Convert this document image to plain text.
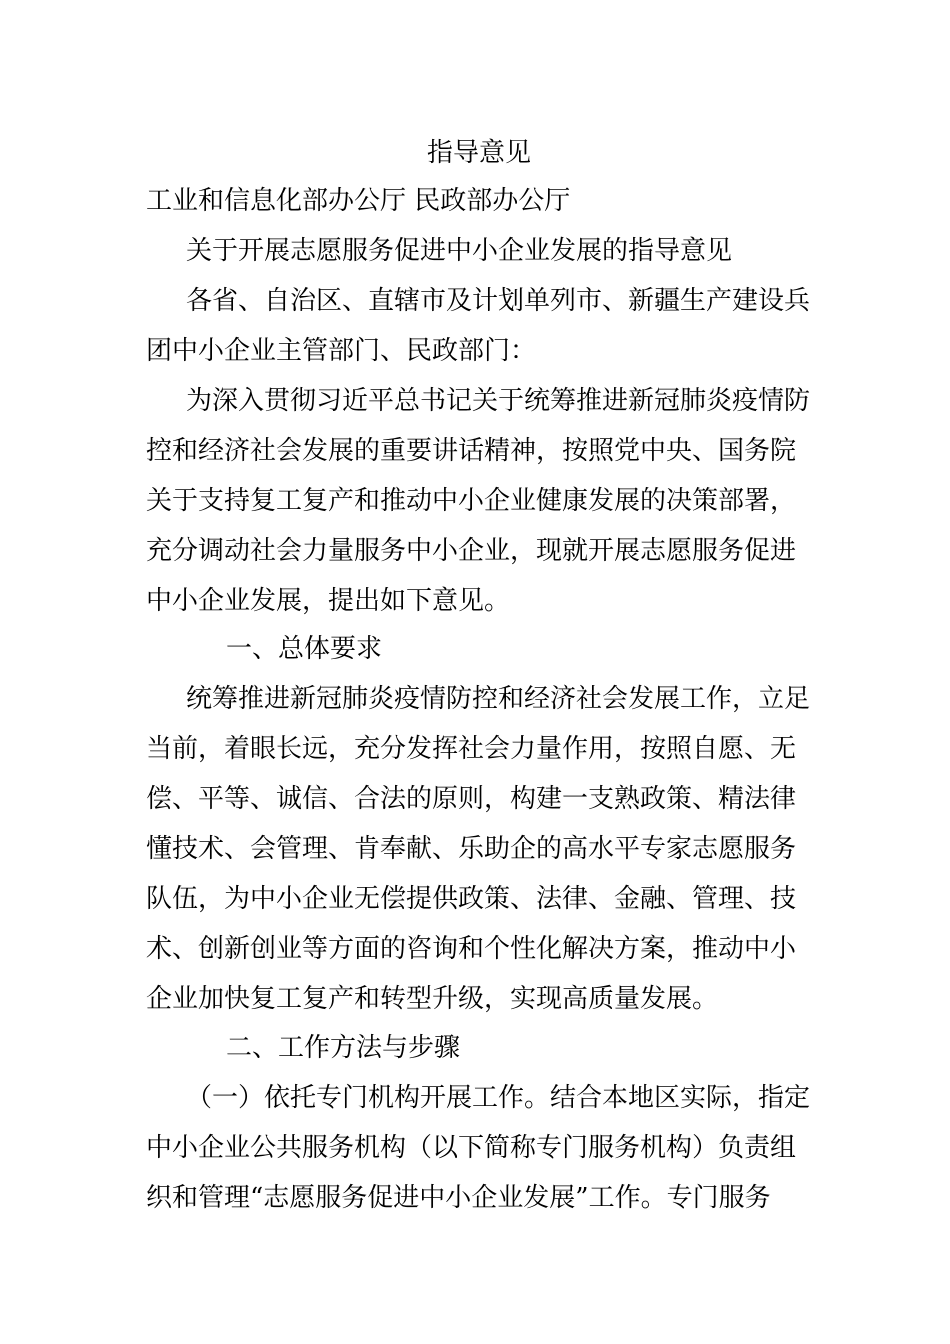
指导意见
工业和信息化部办公厅 民政部办公厅
关于开展志愿服务促进中小企业发展的指导意见
各省、自治区、直辖市及计划单列市、新疆生产建设兵
团中小企业主管部门、民政部门：
为深入贯彻习近平总书记关于统筹推进新冠肺炎疫情防
控和经济社会发展的重要讲话精神，按照党中央、国务院
关于支持复工复产和推动中小企业健康发展的决策部署，
充分调动社会力量服务中小企业，现就开展志愿服务促进
中小企业发展，提出如下意见。
一、总体要求
统筹推进新冠肺炎疫情防控和经济社会发展工作，立足
当前，着眼长远，充分发挥社会力量作用，按照自愿、无
偿、平等、诚信、合法的原则，构建一支熟政策、精法律
懂技术、会管理、肯奉献、乐助企的高水平专家志愿服务
队伍，为中小企业无偿提供政策、法律、金融、管理、技
术、创新创业等方面的咨询和个性化解决方案，推动中小
企业加快复工复产和转型升级，实现高质量发展。
二、工作方法与步骤
（一）依托专门机构开展工作。结合本地区实际，指定
中小企业公共服务机构（以下简称专门服务机构）负责组
织和管理“志愿服务促进中小企业发展”工作。专门服务
